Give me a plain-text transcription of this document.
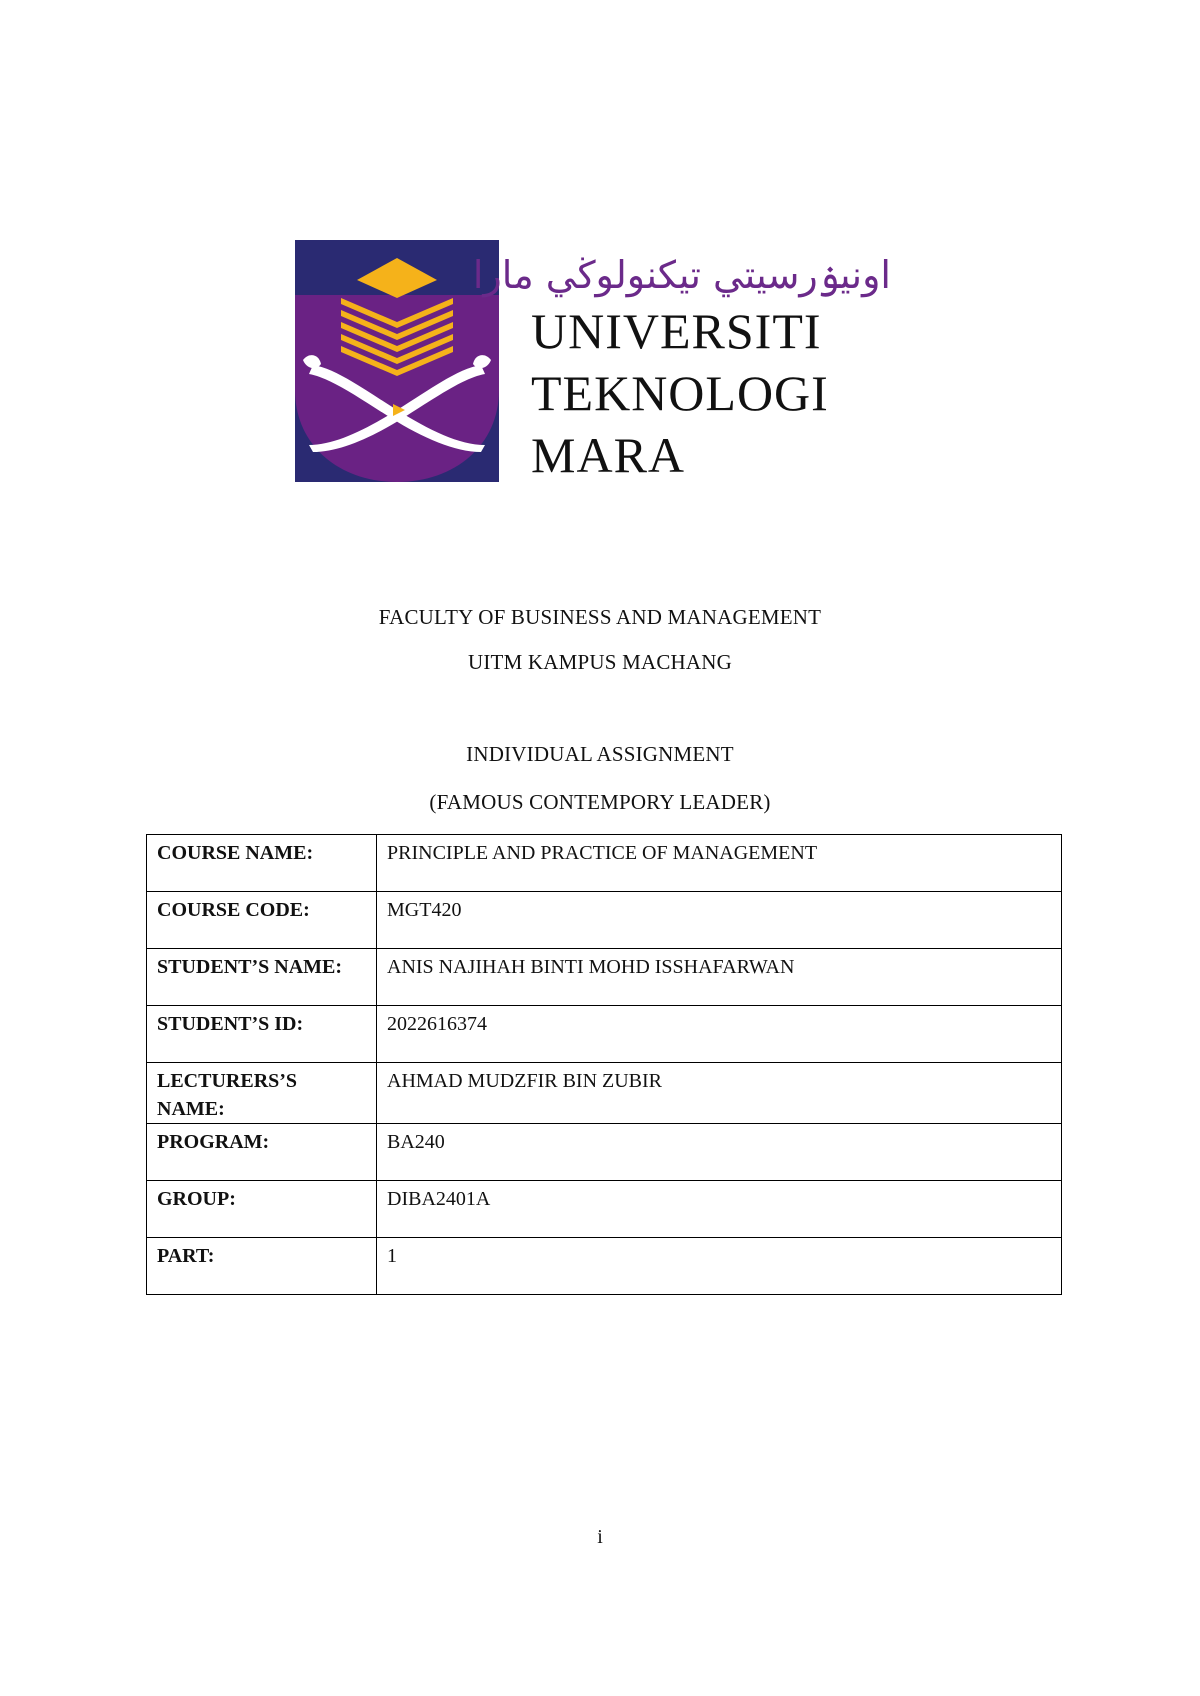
اونيۏرسيتي تيكنولوڬي مارا
UNIVERSITI
TEKNOLOGI
MARA
FACULTY OF BUSINESS AND MANAGEMENT
UITM KAMPUS MACHANG
INDIVIDUAL ASSIGNMENT
(FAMOUS CONTEMPORY LEADER)
COURSE NAME:	PRINCIPLE AND PRACTICE OF MANAGEMENT
COURSE CODE:	MGT420
STUDENT’S NAME:	ANIS NAJIHAH BINTI MOHD ISSHAFARWAN
STUDENT’S ID:	2022616374
LECTURERS’S NAME:	AHMAD MUDZFIR BIN ZUBIR
PROGRAM:	BA240
GROUP:	DIBA2401A
PART:	1
i
